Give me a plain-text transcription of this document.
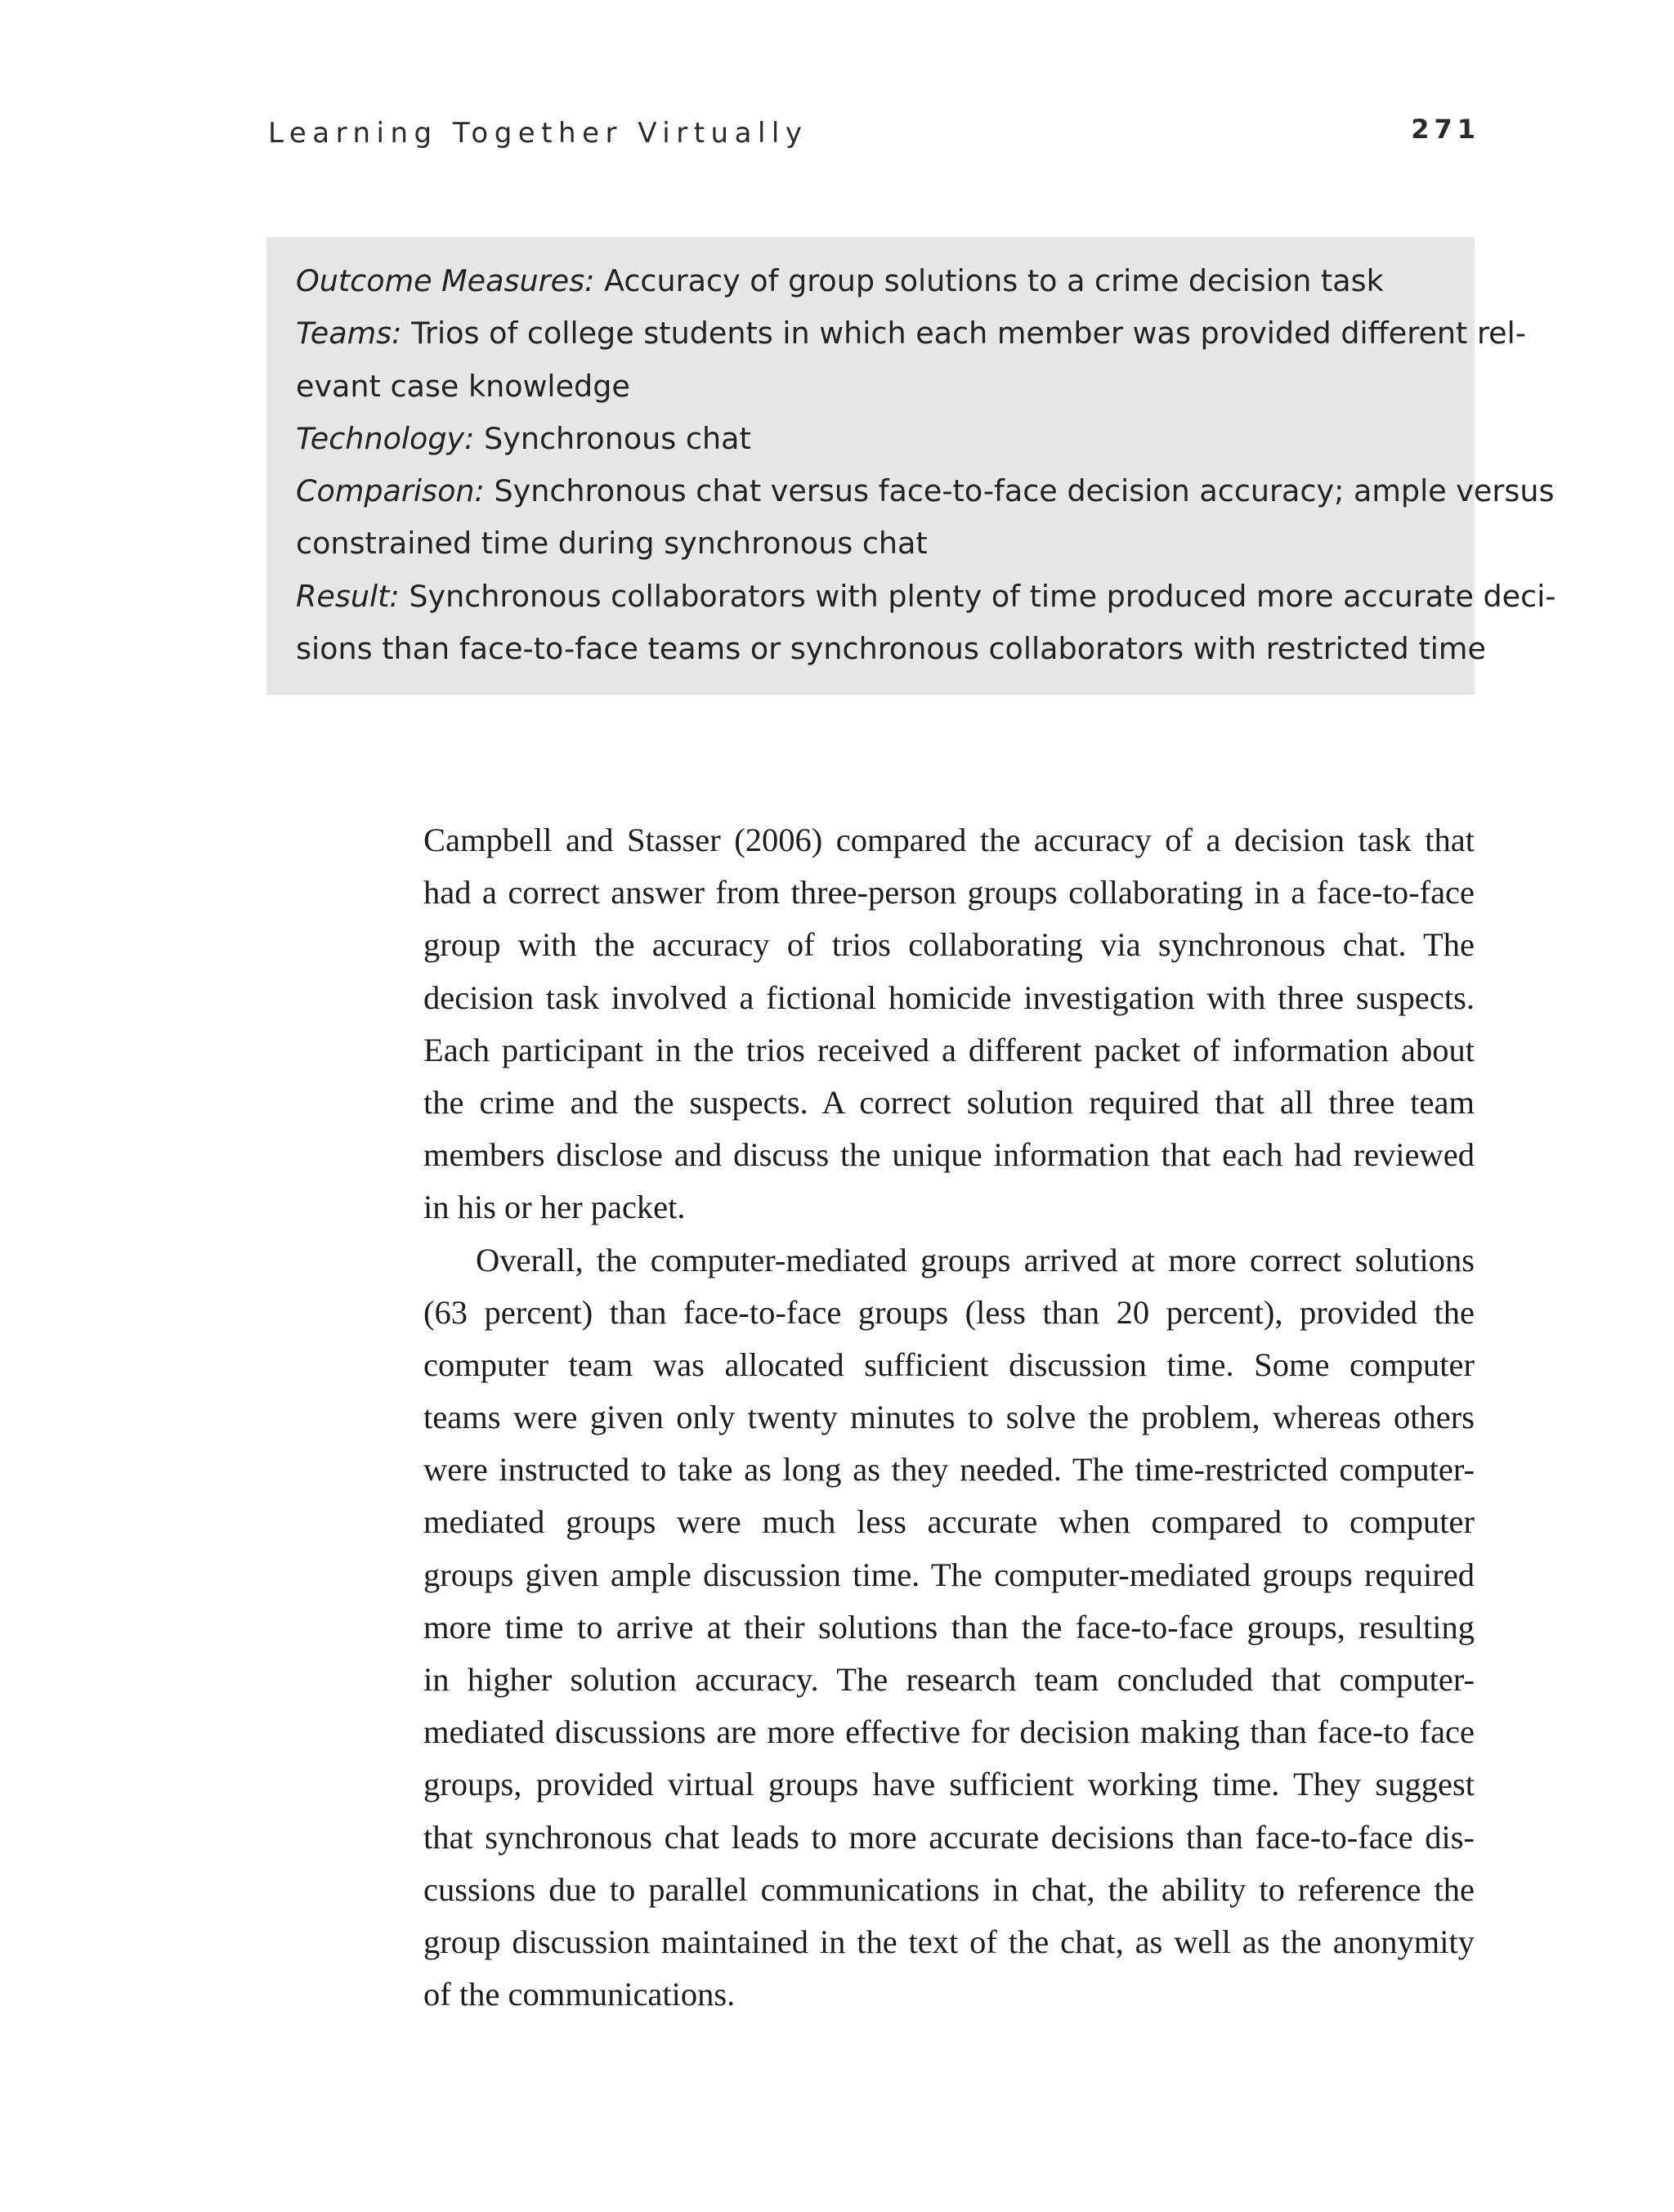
Learning Together Virtually	271
Outcome Measures: Accuracy of group solutions to a crime decision task
Teams: Trios of college students in which each member was provided different rel-
evant case knowledge
Technology: Synchronous chat
Comparison: Synchronous chat versus face-to-face decision accuracy; ample versus
constrained time during synchronous chat
Result: Synchronous collaborators with plenty of time produced more accurate deci-
sions than face-to-face teams or synchronous collaborators with restricted time
Campbell and Stasser (2006) compared the accuracy of a decision task that
had a correct answer from three-person groups collaborating in a face-to-face
group with the accuracy of trios collaborating via synchronous chat. The
decision task involved a fictional homicide investigation with three suspects.
Each participant in the trios received a different packet of information about
the crime and the suspects. A correct solution required that all three team
members disclose and discuss the unique information that each had reviewed
in his or her packet.
Overall, the computer-mediated groups arrived at more correct solutions
(63 percent) than face-to-face groups (less than 20 percent), provided the
computer team was allocated sufficient discussion time. Some computer
teams were given only twenty minutes to solve the problem, whereas others
were instructed to take as long as they needed. The time-restricted computer-
mediated groups were much less accurate when compared to computer
groups given ample discussion time. The computer-mediated groups required
more time to arrive at their solutions than the face-to-face groups, resulting
in higher solution accuracy. The research team concluded that computer-
mediated discussions are more effective for decision making than face-to face
groups, provided virtual groups have sufficient working time. They suggest
that synchronous chat leads to more accurate decisions than face-to-face dis-
cussions due to parallel communications in chat, the ability to reference the
group discussion maintained in the text of the chat, as well as the anonymity
of the communications.
